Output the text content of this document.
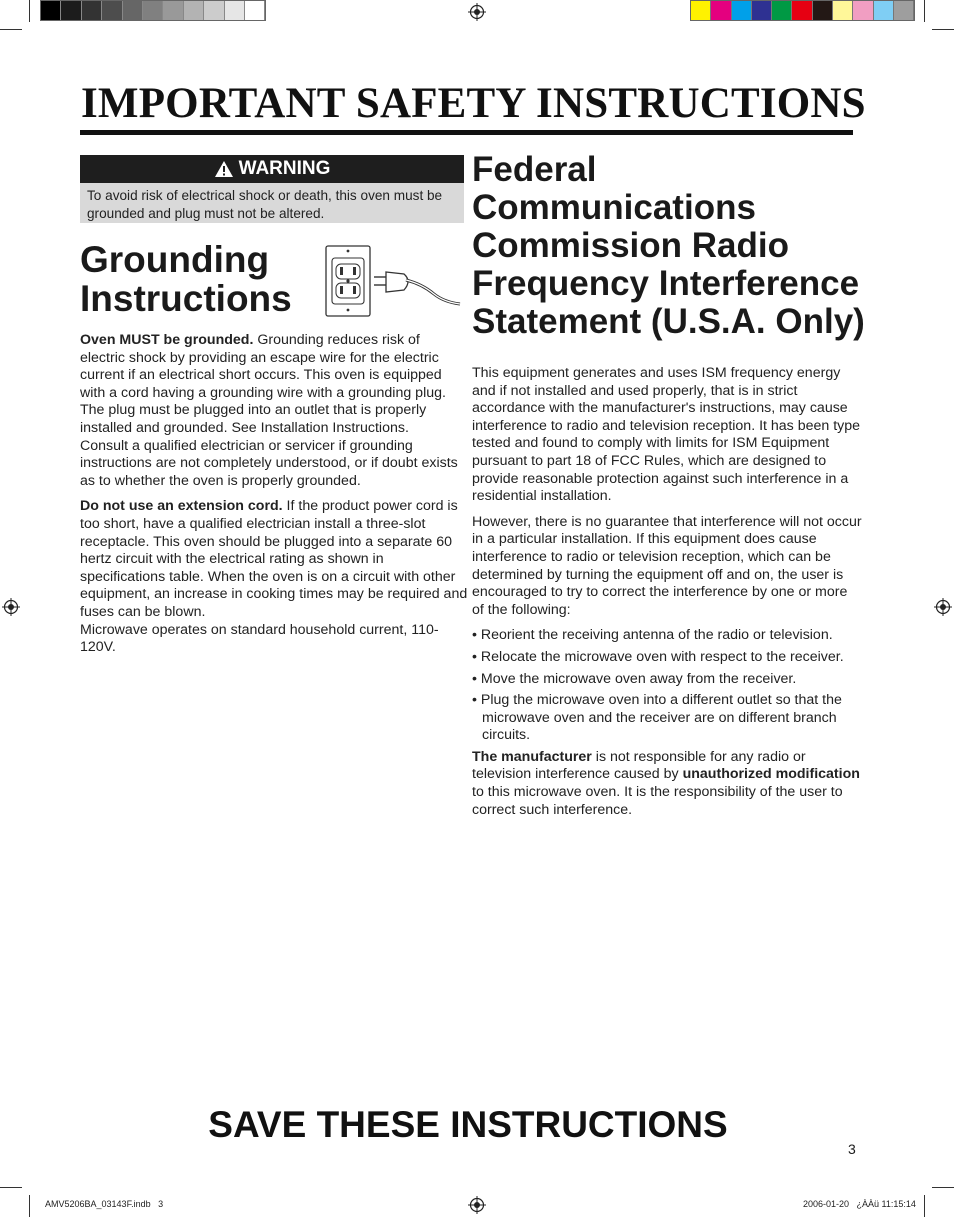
IMPORTANT SAFETY INSTRUCTIONS
WARNING
To avoid risk of electrical shock or death, this oven must be grounded and plug must not be altered.
Grounding Instructions

Oven MUST be grounded. Grounding reduces risk of electric shock by providing an escape wire for the electric current if an electrical short occurs. This oven is equipped with a cord having a grounding wire with a grounding plug. The plug must be plugged into an outlet that is properly installed and grounded. See Installation Instructions.

Consult a qualified electrician or servicer if grounding instructions are not completely understood, or if doubt exists as to whether the oven is properly grounded.

Do not use an extension cord. If the product power cord is too short, have a qualified electrician install a three-slot receptacle. This oven should be plugged into a separate 60 hertz circuit with the electrical rating as shown in specifications table. When the oven is on a circuit with other equipment, an increase in cooking times may be required and fuses can be blown.

Microwave operates on standard household current, 110-120V.

Federal Communications Commission Radio Frequency Interference Statement (U.S.A. Only)

This equipment generates and uses ISM frequency energy and if not installed and used properly, that is in strict accordance with the manufacturer's instructions, may cause interference to radio and television reception. It has been type tested and found to comply with limits for ISM Equipment pursuant to part 18 of FCC Rules, which are designed to provide reasonable protection against such interference in a residential installation.

However, there is no guarantee that interference will not occur in a particular installation. If this equipment does cause interference to radio or television reception, which can be determined by turning the equipment off and on, the user is encouraged to try to correct the interference by one or more of the following:

• Reorient the receiving antenna of the radio or television.

• Relocate the microwave oven with respect to the receiver.

• Move the microwave oven away from the receiver.

• Plug the microwave oven into a different outlet so that the microwave oven and the receiver are on different branch circuits.

The manufacturer is not responsible for any radio or television interference caused by unauthorized modification to this microwave oven. It is the responsibility of the user to correct such interference.

SAVE THESE INSTRUCTIONS
3
AMV5206BA_03143F.indb   3	2006-01-20   ¿ÀÀü 11:15:14
